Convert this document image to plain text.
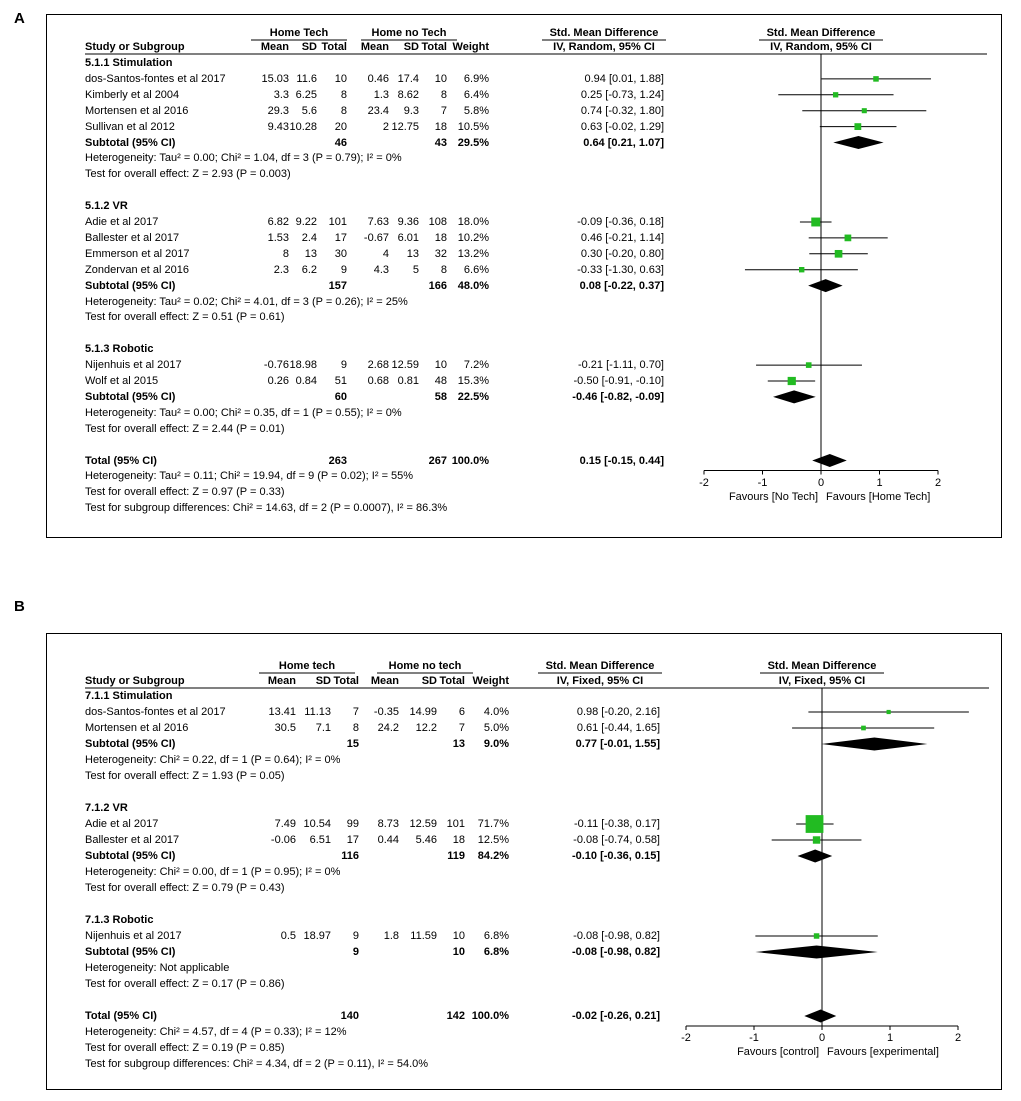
A
Home Tech	Home no Tech	Std. Mean Difference	Std. Mean Difference
Study or Subgroup	Mean SD Total Mean SD Total Weight	IV, Random, 95% CI	IV, Random, 95% CI
5.1.1 Stimulation
dos-Santos-fontes et al 2017	15.03 11.6 10 0.46 17.4 10 6.9%	0.94 [0.01, 1.88]
Kimberly et al 2004	3.3 6.25 8 1.3 8.62 8 6.4%	0.25 [-0.73, 1.24]
Mortensen et al 2016	29.3 5.6 8 23.4 9.3 7 5.8%	0.74 [-0.32, 1.80]
Sullivan et al 2012	9.43 10.28 20	2 12.75 18 10.5%	0.63 [-0.02, 1.29]
Subtotal (95% CI)	46	43 29.5%	0.64 [0.21, 1.07]
Heterogeneity: Tau² = 0.00; Chi² = 1.04, df = 3 (P = 0.79); I² = 0%
Test for overall effect: Z = 2.93 (P = 0.003)
5.1.2 VR
Adie et al 2017	6.82 9.22 101 7.63 9.36 108 18.0%	-0.09 [-0.36, 0.18]
Ballester et al 2017	1.53 2.4 17 -0.67 6.01 18 10.2%	0.46 [-0.21, 1.14]
Emmerson et al 2017	8 13 30	4 13 32 13.2%	0.30 [-0.20, 0.80]
Zondervan et al 2016	2.3 6.2 9 4.3 5 8 6.6%	-0.33 [-1.30, 0.63]
Subtotal (95% CI)	157	166 48.0%	0.08 [-0.22, 0.37]
Heterogeneity: Tau² = 0.02; Chi² = 4.01, df = 3 (P = 0.26); I² = 25%
Test for overall effect: Z = 0.51 (P = 0.61)
5.1.3 Robotic
Nijenhuis et al 2017	-0.76 18.98 9 2.68 12.59 10 7.2%	-0.21 [-1.11, 0.70]
Wolf et al 2015	0.26 0.84 51 0.68 0.81 48 15.3%	-0.50 [-0.91, -0.10]
Subtotal (95% CI)	60	58 22.5%	-0.46 [-0.82, -0.09]
Heterogeneity: Tau² = 0.00; Chi² = 0.35, df = 1 (P = 0.55); I² = 0%
Test for overall effect: Z = 2.44 (P = 0.01)
Total (95% CI)	263	267 100.0%	0.15 [-0.15, 0.44]
Heterogeneity: Tau² = 0.11; Chi² = 19.94, df = 9 (P = 0.02); I² = 55%
Test for overall effect: Z = 0.97 (P = 0.33)
Test for subgroup differences: Chi² = 14.63, df = 2 (P = 0.0007), I² = 86.3%
-2	-1	0	1	2
Favours [No Tech] Favours [Home Tech]
B
Home tech	Home no tech	Std. Mean Difference	Std. Mean Difference
Study or Subgroup	Mean SD Total Mean SD Total Weight	IV, Fixed, 95% CI	IV, Fixed, 95% CI
7.1.1 Stimulation
dos-Santos-fontes et al 2017	13.41 11.13 7 -0.35 14.99 6 4.0%	0.98 [-0.20, 2.16]
Mortensen et al 2016	30.5 7.1 8 24.2 12.2 7 5.0%	0.61 [-0.44, 1.65]
Subtotal (95% CI)	15	13 9.0%	0.77 [-0.01, 1.55]
Heterogeneity: Chi² = 0.22, df = 1 (P = 0.64); I² = 0%
Test for overall effect: Z = 1.93 (P = 0.05)
7.1.2 VR
Adie et al 2017	7.49 10.54 99 8.73 12.59 101 71.7%	-0.11 [-0.38, 0.17]
Ballester et al 2017	-0.06 6.51 17 0.44 5.46 18 12.5%	-0.08 [-0.74, 0.58]
Subtotal (95% CI)	116	119 84.2%	-0.10 [-0.36, 0.15]
Heterogeneity: Chi² = 0.00, df = 1 (P = 0.95); I² = 0%
Test for overall effect: Z = 0.79 (P = 0.43)
7.1.3 Robotic
Nijenhuis et al 2017	0.5 18.97 9 1.8 11.59 10 6.8%	-0.08 [-0.98, 0.82]
Subtotal (95% CI)	9	10 6.8%	-0.08 [-0.98, 0.82]
Heterogeneity: Not applicable
Test for overall effect: Z = 0.17 (P = 0.86)
Total (95% CI)	140	142 100.0%	-0.02 [-0.26, 0.21]
Heterogeneity: Chi² = 4.57, df = 4 (P = 0.33); I² = 12%
Test for overall effect: Z = 0.19 (P = 0.85)
Test for subgroup differences: Chi² = 4.34, df = 2 (P = 0.11), I² = 54.0%
-2	-1	0	1	2
Favours [control] Favours [experimental]
